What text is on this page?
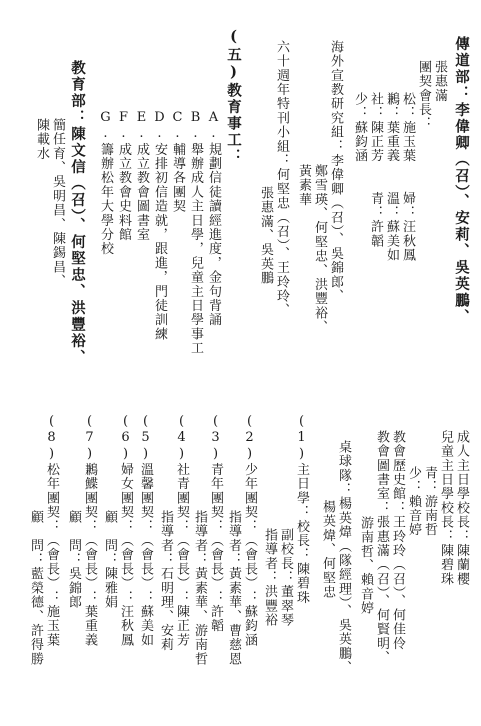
傳道部：李偉卿（召）、安莉、吳英鵬、
張惠滿
團契會長：
松：施玉葉　　婦：汪秋鳳
鶼：葉重義　　溫：蘇美如
社：陳正芳　　青：許韜
少：蘇鈞涵
海外宣教研究組：李偉卿（召）、吳錦郎、
鄭雪瑛、何堅忠、洪豐裕、
黃素華
六十週年特刊小組：何堅忠（召）、王玲玲、
張惠滿、吳英鵬
(五)教育事工：
A.規劃信徒讀經進度，金句背誦
B.舉辦成人主日學，兒童主日學事工
C.輔導各團契
D.安排初信造就，跟進，門徒訓練
E.成立教會圖書室
F.成立教會史料館
G.籌辦松年大學分校
教育部：陳文信（召）、何堅忠、洪豐裕、
簡任育、吳明昌、陳錫昌、
陳載水
成人主日學校長：陳蘭櫻
兒童主日學校長：陳碧珠
青：游南哲
少：賴音婷
教會歷史館：王玲玲（召）、何佳伶
教會圖書室：張惠滿（召）、何賢明、
游南哲、賴音婷
桌球隊：楊英煒（隊經理）、吳英鵬、
楊英煒、何堅忠
(1)主日學：校長：陳碧珠
副校長：董翠琴
指導者：洪豐裕
(2)少年團契：（會長）：蘇鈞涵
指導者：黃素華、曹慈恩
(3)青年團契：（會長）：許韜
指導者：黃素華、游南哲
(4)社青團契：（會長）：陳正芳
指導者：石明理、安莉
(5)溫馨團契：（會長）：蘇美如
(6)婦女團契：（會長）：汪秋鳳
顧　問：陳雅娟
(7)鶼鰈團契：（會長）：葉重義
顧　問：吳錦郎
(8)松年團契：（會長）：施玉葉
顧　問：藍榮德、許得勝
